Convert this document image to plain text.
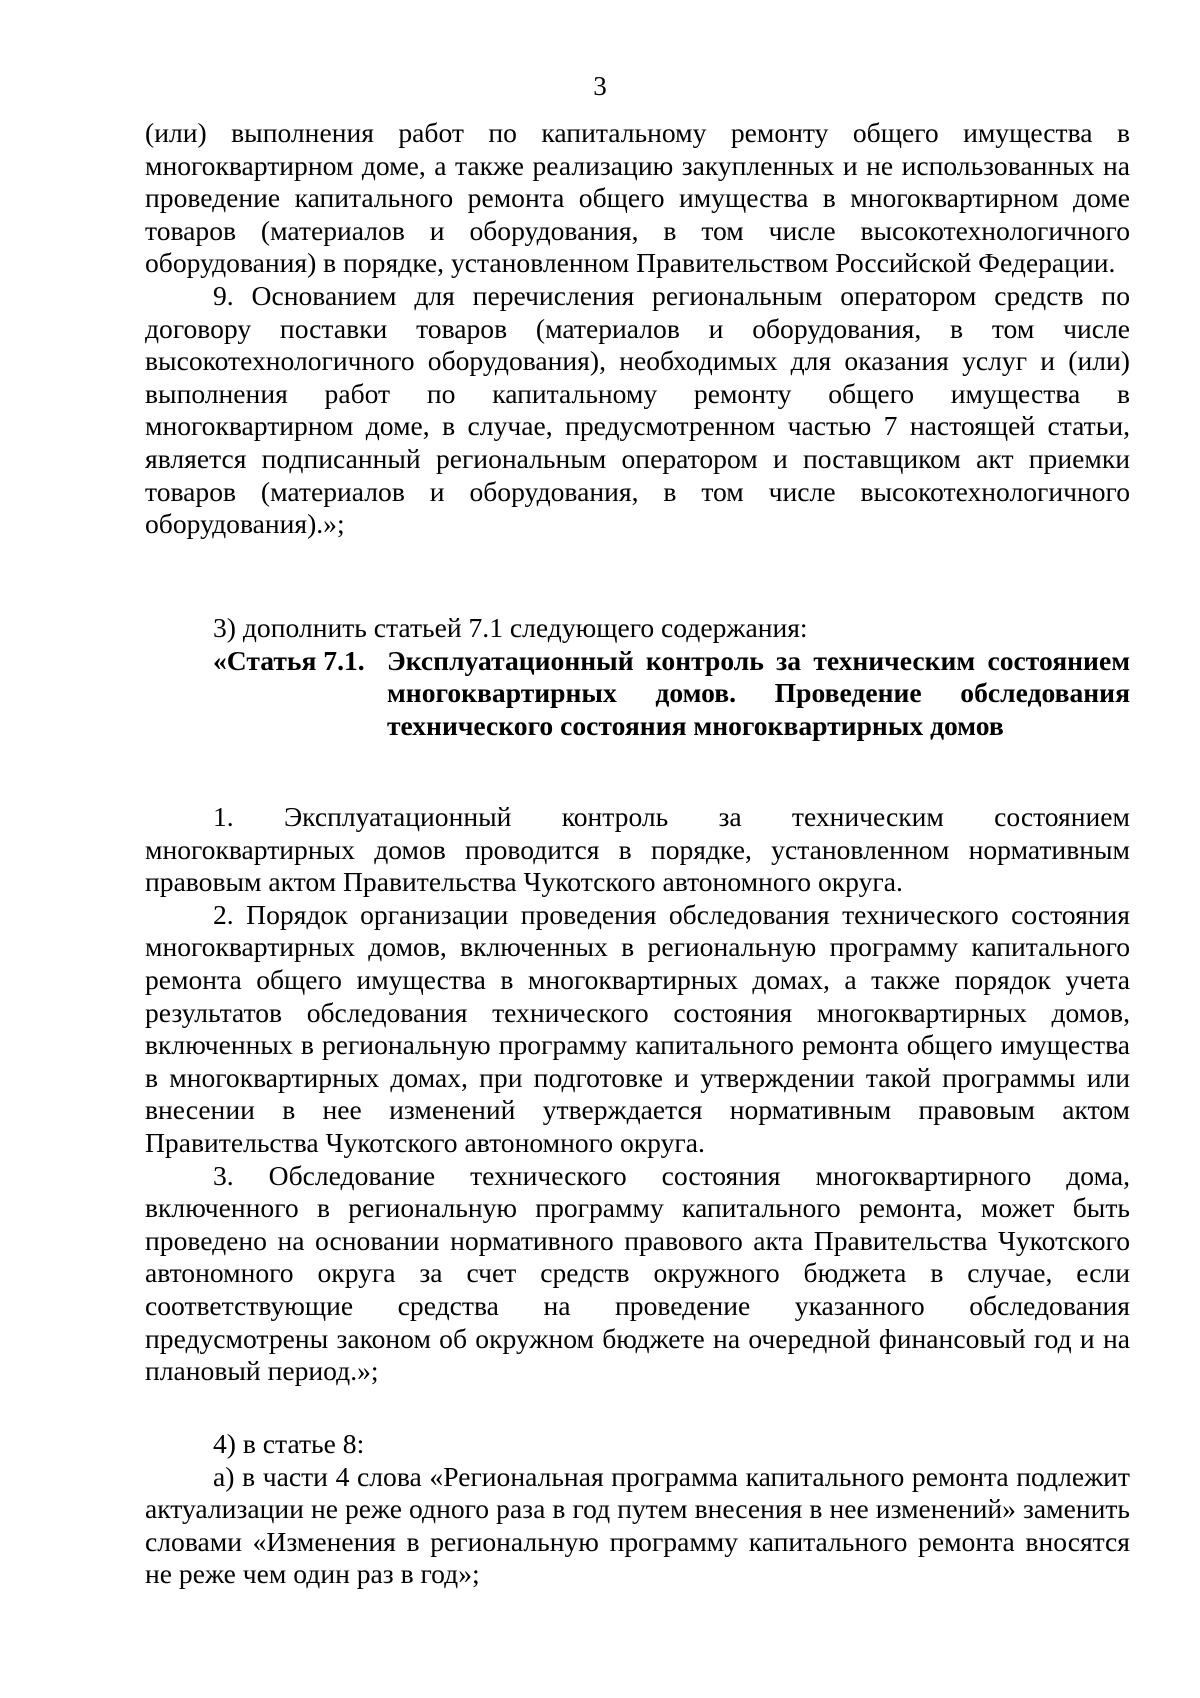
3

(или) выполнения работ по капитальному ремонту общего имущества в многоквартирном доме, а также реализацию закупленных и не использованных на проведение капитального ремонта общего имущества в многоквартирном доме товаров (материалов и оборудования, в том числе высокотехнологичного оборудования) в порядке, установленном Правительством Российской Федерации.

9. Основанием для перечисления региональным оператором средств по договору поставки товаров (материалов и оборудования, в том числе высокотехнологичного оборудования), необходимых для оказания услуг и (или) выполнения работ по капитальному ремонту общего имущества в многоквартирном доме, в случае, предусмотренном частью 7 настоящей статьи, является подписанный региональным оператором и поставщиком акт приемки товаров (материалов и оборудования, в том числе высокотехнологичного оборудования).»;

3) дополнить статьей 7.1 следующего содержания:

«Статья 7.1. Эксплуатационный контроль за техническим состоянием многоквартирных домов. Проведение обследования технического состояния многоквартирных домов

1. Эксплуатационный контроль за техническим состоянием многоквартирных домов проводится в порядке, установленном нормативным правовым актом Правительства Чукотского автономного округа.

2. Порядок организации проведения обследования технического состояния многоквартирных домов, включенных в региональную программу капитального ремонта общего имущества в многоквартирных домах, а также порядок учета результатов обследования технического состояния многоквартирных домов, включенных в региональную программу капитального ремонта общего имущества в многоквартирных домах, при подготовке и утверждении такой программы или внесении в нее изменений утверждается нормативным правовым актом Правительства Чукотского автономного округа.

3. Обследование технического состояния многоквартирного дома, включенного в региональную программу капитального ремонта, может быть проведено на основании нормативного правового акта Правительства Чукотского автономного округа за счет средств окружного бюджета в случае, если соответствующие средства на проведение указанного обследования предусмотрены законом об окружном бюджете на очередной финансовый год и на плановый период.»;

4) в статье 8:

а) в части 4 слова «Региональная программа капитального ремонта подлежит актуализации не реже одного раза в год путем внесения в нее изменений» заменить словами «Изменения в региональную программу капитального ремонта вносятся не реже чем один раз в год»;
